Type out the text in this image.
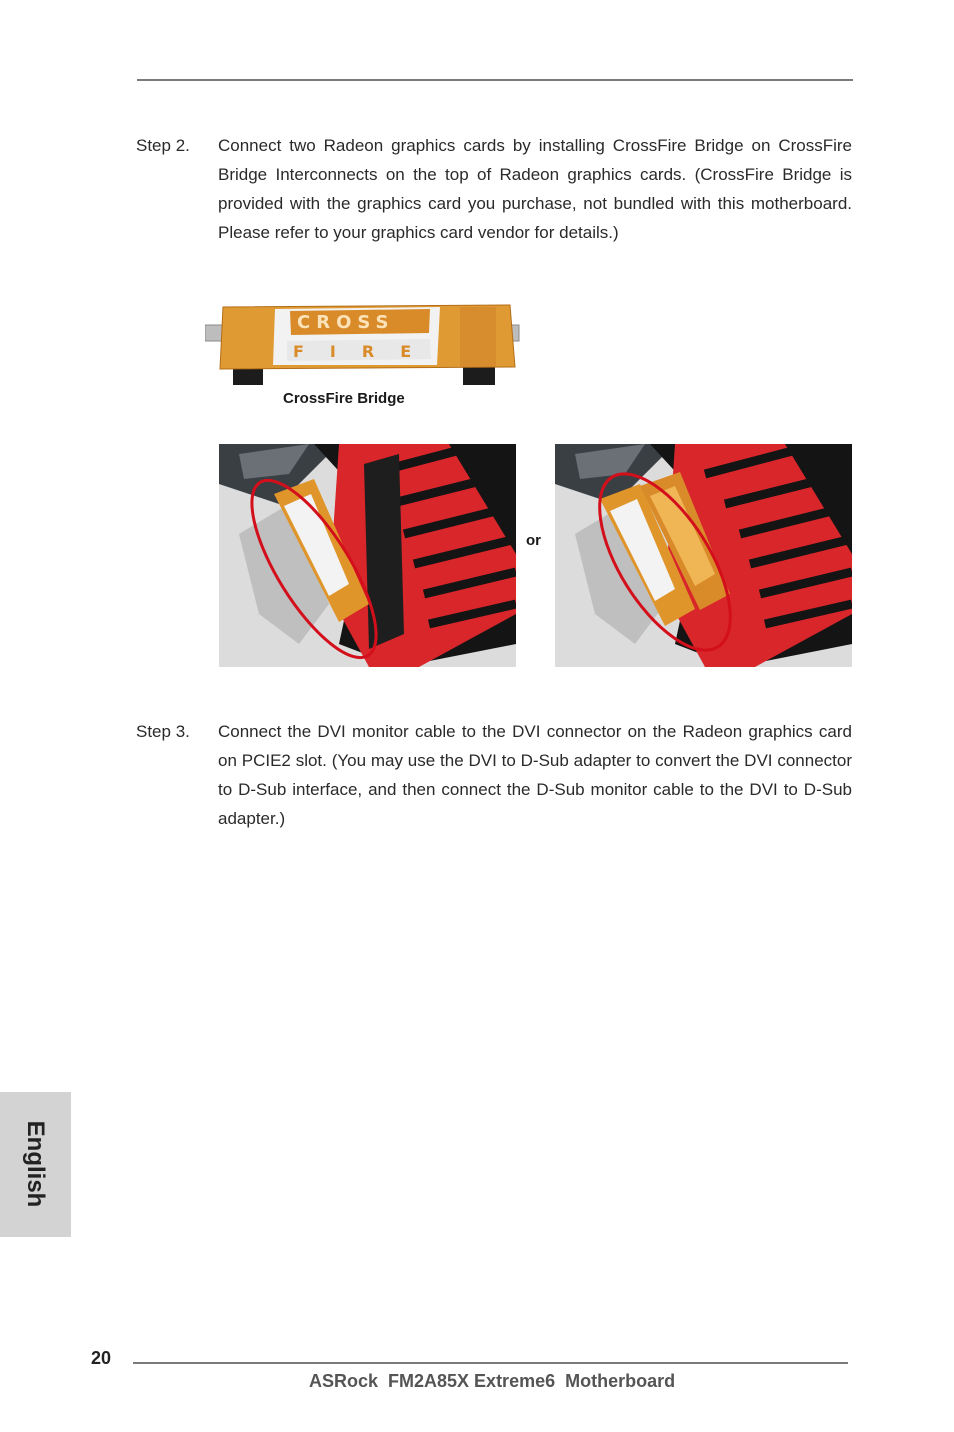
Step 2.	Connect two Radeon graphics cards by installing CrossFire Bridge on CrossFire Bridge Interconnects on the top of Radeon graphics cards. (CrossFire Bridge is provided with the graphics card you purchase, not bundled with this motherboard. Please refer to your graphics card vendor for details.)
CROSS
FIRE
CrossFire Bridge
or
Step 3.	Connect the DVI monitor cable to the DVI connector on the Radeon graphics card on PCIE2 slot. (You may use the DVI to D-Sub adapter to convert the DVI connector to D-Sub interface, and then connect the D-Sub monitor cable to the DVI to D-Sub adapter.)
English
20
ASRock  FM2A85X Extreme6  Motherboard
